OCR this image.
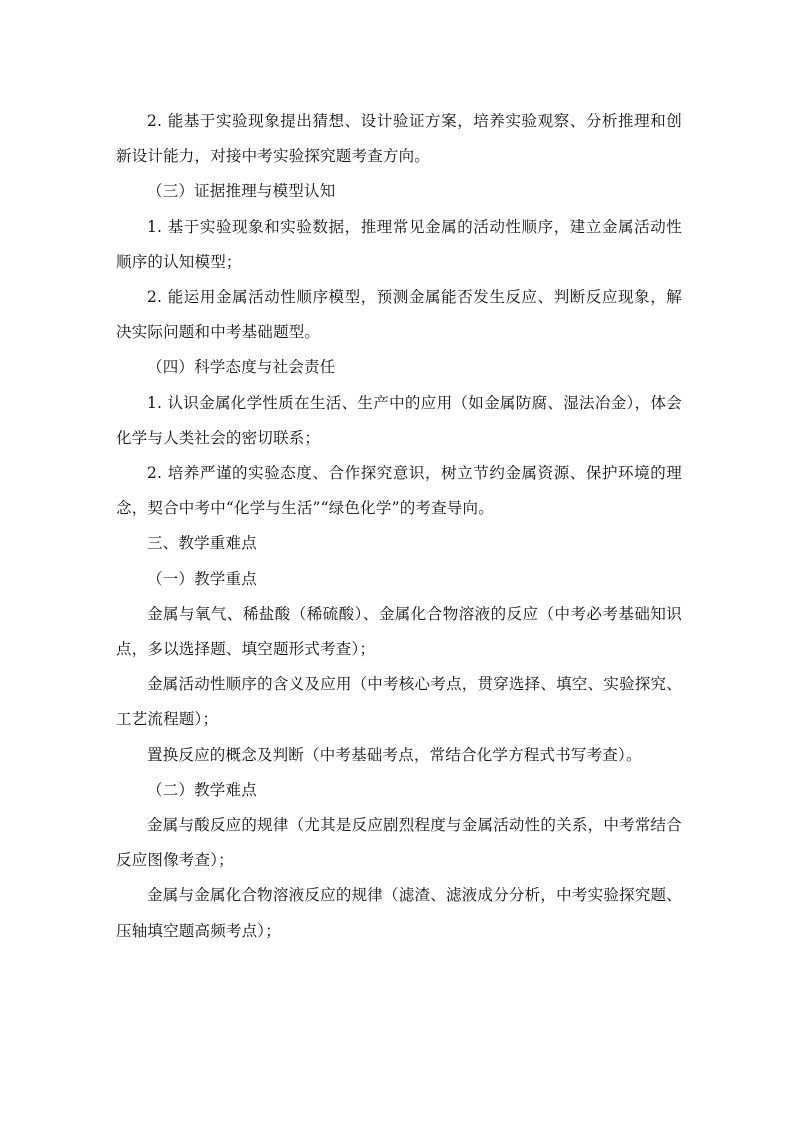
2. 能基于实验现象提出猜想、设计验证方案，培养实验观察、分析推理和创新设计能力，对接中考实验探究题考查方向。

（三）证据推理与模型认知

1. 基于实验现象和实验数据，推理常见金属的活动性顺序，建立金属活动性顺序的认知模型；

2. 能运用金属活动性顺序模型，预测金属能否发生反应、判断反应现象，解决实际问题和中考基础题型。

（四）科学态度与社会责任

1. 认识金属化学性质在生活、生产中的应用（如金属防腐、湿法冶金），体会化学与人类社会的密切联系；

2. 培养严谨的实验态度、合作探究意识，树立节约金属资源、保护环境的理念，契合中考中“化学与生活”“绿色化学”的考查导向。

三、教学重难点

（一）教学重点

金属与氧气、稀盐酸（稀硫酸）、金属化合物溶液的反应（中考必考基础知识点，多以选择题、填空题形式考查）；

金属活动性顺序的含义及应用（中考核心考点，贯穿选择、填空、实验探究、工艺流程题）；

置换反应的概念及判断（中考基础考点，常结合化学方程式书写考查）。

（二）教学难点

金属与酸反应的规律（尤其是反应剧烈程度与金属活动性的关系，中考常结合反应图像考查）；

金属与金属化合物溶液反应的规律（滤渣、滤液成分分析，中考实验探究题、压轴填空题高频考点）；
